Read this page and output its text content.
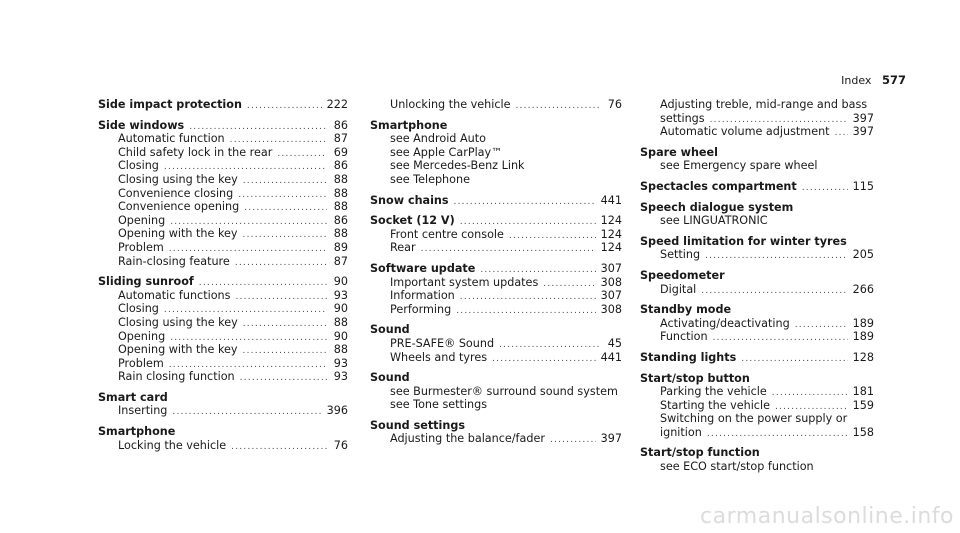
Index 577
Side impact protection .....	222
Side windows .....	86
Automatic function .....	87
Child safety lock in the rear .....	69
Closing .....	86
Closing using the key .....	88
Convenience closing .....	88
Convenience opening .....	88
Opening .....	86
Opening with the key .....	88
Problem .....	89
Rain-closing feature .....	87
Sliding sunroof .....	90
Automatic functions .....	93
Closing .....	90
Closing using the key .....	88
Opening .....	90
Opening with the key .....	88
Problem .....	93
Rain closing function .....	93
Smart card
Inserting .....	396
Smartphone
Locking the vehicle .....	76
Unlocking the vehicle .....	76
Smartphone
see Android Auto
see Apple CarPlay™
see Mercedes-Benz Link
see Telephone
Snow chains .....	441
Socket (12 V) .....	124
Front centre console .....	124
Rear .....	124
Software update .....	307
Important system updates .....	308
Information .....	307
Performing .....	308
Sound
PRE-SAFE® Sound .....	45
Wheels and tyres .....	441
Sound
see Burmester® surround sound system
see Tone settings
Sound settings
Adjusting the balance/fader .....	397
Adjusting treble, mid-range and bass
settings .....	397
Automatic volume adjustment ..... 397
Spare wheel
see Emergency spare wheel
Spectacles compartment .....	115
Speech dialogue system
see LINGUATRONIC
Speed limitation for winter tyres
Setting .....	205
Speedometer
Digital .....	266
Standby mode
Activating/deactivating .....	189
Function .....	189
Standing lights .....	128
Start/stop button
Parking the vehicle .....	181
Starting the vehicle .....	159
Switching on the power supply or
ignition .....	158
Start/stop function
see ECO start/stop function
carmanualsonline.info
